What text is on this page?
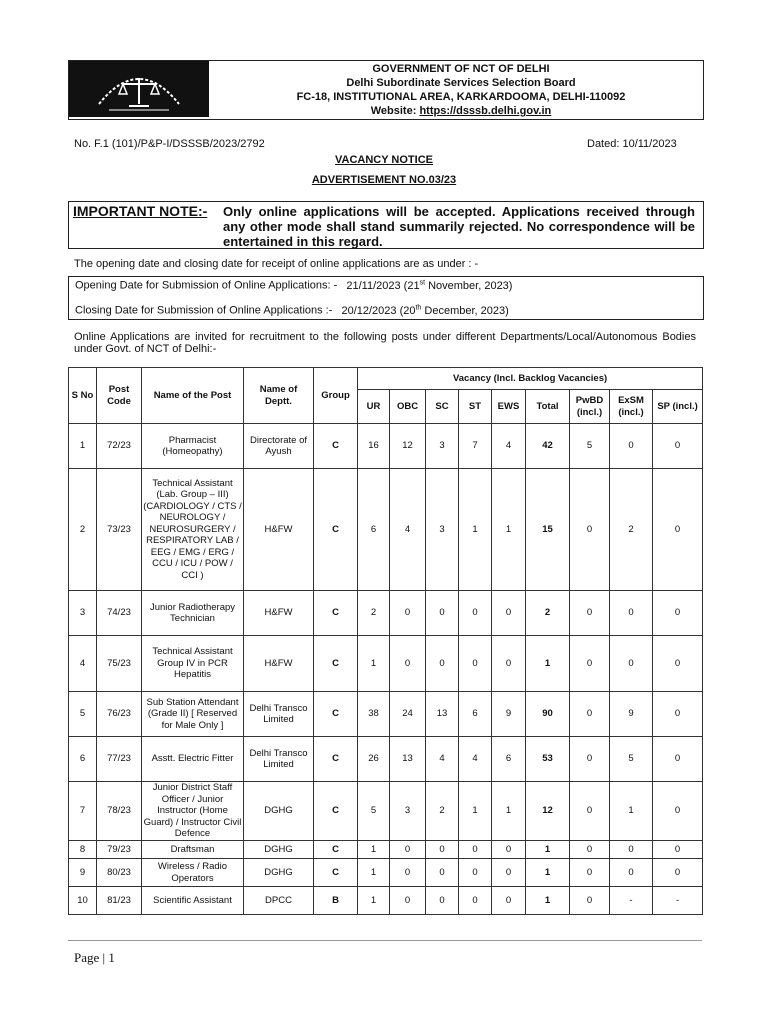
GOVERNMENT OF NCT OF DELHI
Delhi Subordinate Services Selection Board
FC-18, INSTITUTIONAL AREA, KARKARDOOMA, DELHI-110092
Website: https://dsssb.delhi.gov.in
No. F.1 (101)/P&P-I/DSSSB/2023/2792	Dated: 10/11/2023
VACANCY NOTICE
ADVERTISEMENT NO.03/23
IMPORTANT NOTE:- Only online applications will be accepted. Applications received through any other mode shall stand summarily rejected. No correspondence will be entertained in this regard.
The opening date and closing date for receipt of online applications are as under : -
Opening Date for Submission of Online Applications: - 21/11/2023 (21st November, 2023)
Closing Date for Submission of Online Applications :- 20/12/2023 (20th December, 2023)
Online Applications are invited for recruitment to the following posts under different Departments/Local/Autonomous Bodies under Govt. of NCT of Delhi:-
S No	Post Code	Name of the Post	Name of Deptt.	Group	Vacancy (Incl. Backlog Vacancies)								
					UR	OBC	SC	ST	EWS	Total	PwBD (incl.)	ExSM (incl.)	SP (incl.)
1	72/23	Pharmacist (Homeopathy)	Directorate of Ayush	C	16	12	3	7	4	42	5	0	0
2	73/23	Technical Assistant (Lab. Group – III) (CARDIOLOGY / CTS / NEUROLOGY / NEUROSURGERY / RESPIRATORY LAB / EEG / EMG / ERG / CCU / ICU / POW / CCI )	H&FW	C	6	4	3	1	1	15	0	2	0
3	74/23	Junior Radiotherapy Technician	H&FW	C	2	0	0	0	0	2	0	0	0
4	75/23	Technical Assistant Group IV in PCR Hepatitis	H&FW	C	1	0	0	0	0	1	0	0	0
5	76/23	Sub Station Attendant (Grade II) [ Reserved for Male Only ]	Delhi Transco Limited	C	38	24	13	6	9	90	0	9	0
6	77/23	Asstt. Electric Fitter	Delhi Transco Limited	C	26	13	4	4	6	53	0	5	0
7	78/23	Junior District Staff Officer / Junior Instructor (Home Guard) / Instructor Civil Defence	DGHG	C	5	3	2	1	1	12	0	1	0
8	79/23	Draftsman	DGHG	C	1	0	0	0	0	1	0	0	0
9	80/23	Wireless / Radio Operators	DGHG	C	1	0	0	0	0	1	0	0	0
10	81/23	Scientific Assistant	DPCC	B	1	0	0	0	0	1	0	-	-
Page | 1
